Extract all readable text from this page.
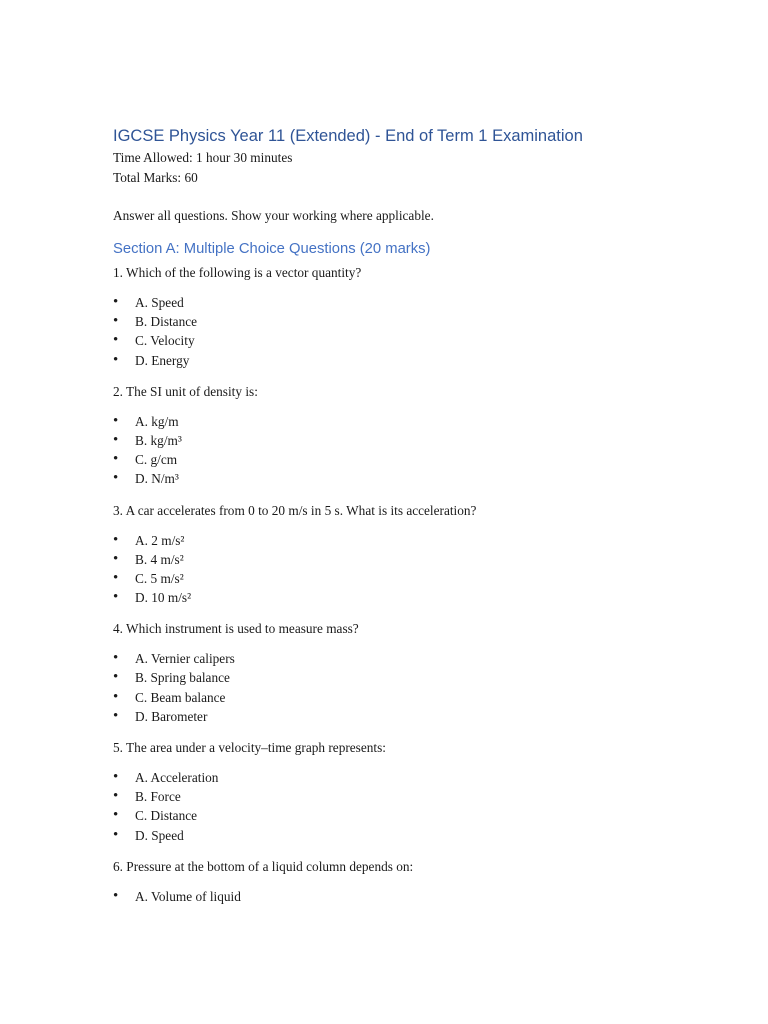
IGCSE Physics Year 11 (Extended) - End of Term 1 Examination
Time Allowed: 1 hour 30 minutes
Total Marks: 60
Answer all questions. Show your working where applicable.
Section A: Multiple Choice Questions (20 marks)
1. Which of the following is a vector quantity?
• A. Speed
• B. Distance
• C. Velocity
• D. Energy
2. The SI unit of density is:
• A. kg/m
• B. kg/m³
• C. g/cm
• D. N/m³
3. A car accelerates from 0 to 20 m/s in 5 s. What is its acceleration?
• A. 2 m/s²
• B. 4 m/s²
• C. 5 m/s²
• D. 10 m/s²
4. Which instrument is used to measure mass?
• A. Vernier calipers
• B. Spring balance
• C. Beam balance
• D. Barometer
5. The area under a velocity–time graph represents:
• A. Acceleration
• B. Force
• C. Distance
• D. Speed
6. Pressure at the bottom of a liquid column depends on:
• A. Volume of liquid
